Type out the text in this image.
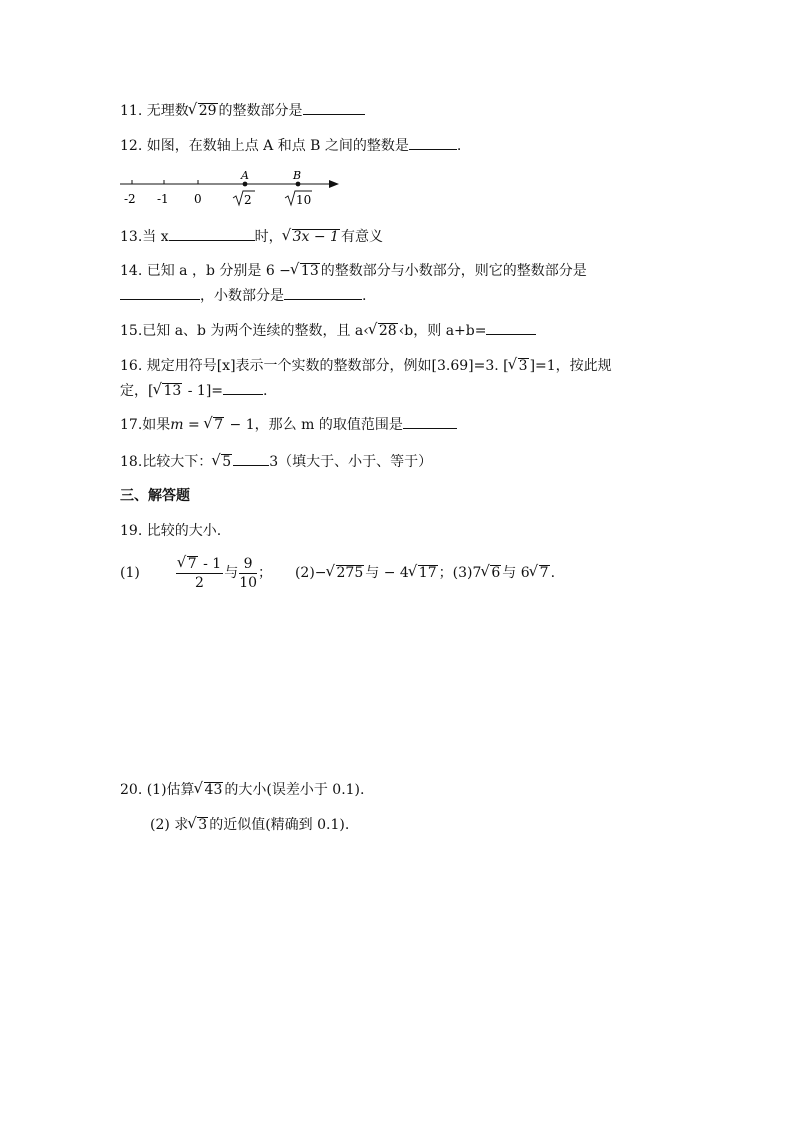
11. 无理数 √ 29 的整数部分是
12. 如图，在数轴上点 A 和点 B 之间的整数是	.
A	B
-2 -1 0	2	10
13.当 x	时， √ 3x − 1 有意义
14. 已知 a ，b 分别是 6 − √ 13 的整数部分与小数部分，则它的整数部分是
，小数部分是	.
15.已知 a、b 为两个连续的整数，且 a‹ √ 28 ‹b，则 a+b=
16. 规定用符号[x]表示一个实数的整数部分，例如[3.69]=3. [ √ 3 ]=1，按此规
定，[ √ 13 - 1]=	.
17.如果m = √ 7 − 1，那么 m 的取值范围是
18.比较大下： √ 5	3（填大于、小于、等于）
三、解答题
19. 比较的大小.
(1)	√ $\frac{7 - 1}{2}$ 与 $\frac{9}{10}$ ； (2)− √ 275 与 − 4 √ 17 ；(3)7 √ 6 与 6 √ 7 .
20. (1)估算 √ 43 的大小(误差小于 0.1).
(2) 求 √ 3 的近似值(精确到 0.1).
